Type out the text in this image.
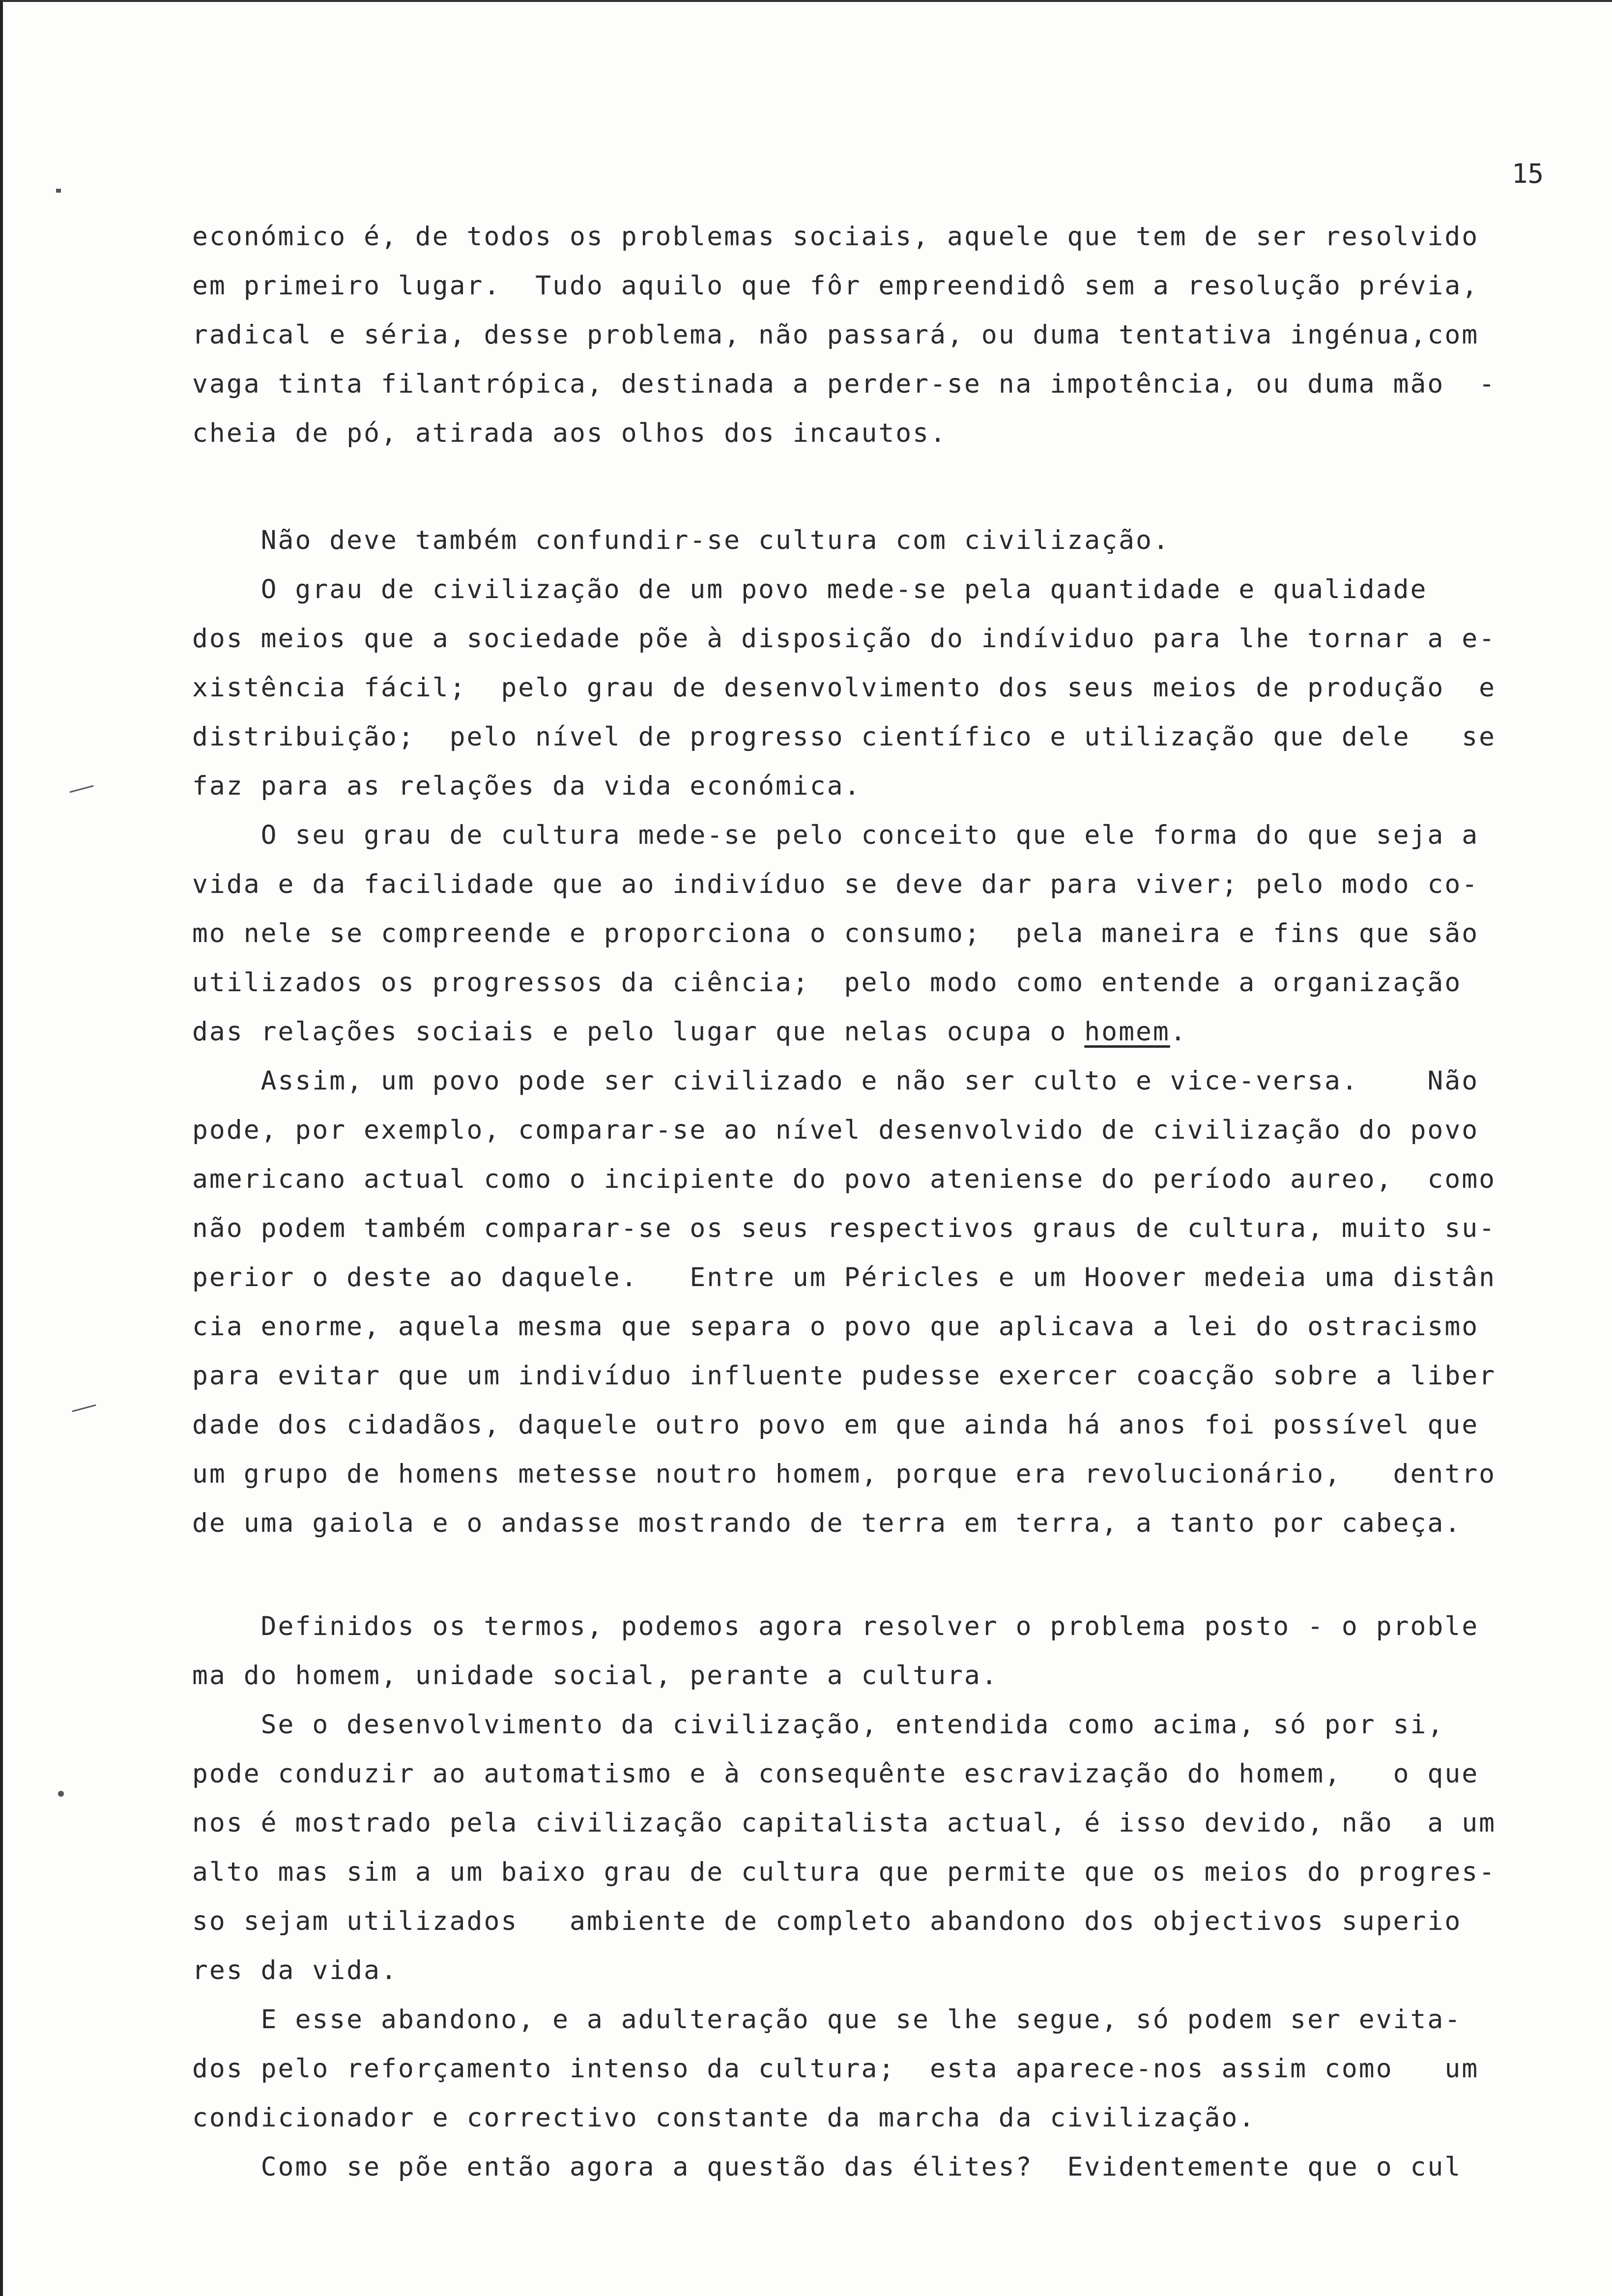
15
económico é, de todos os problemas sociais, aquele que tem de ser resolvido
em primeiro lugar.  Tudo aquilo que fôr empreendidô sem a resolução prévia,
radical e séria, desse problema, não passará, ou duma tentativa ingénua,com
vaga tinta filantrópica, destinada a perder-se na impotência, ou duma mão  -
cheia de pó, atirada aos olhos dos incautos.
Não deve também confundir-se cultura com civilização.
O grau de civilização de um povo mede-se pela quantidade e qualidade
dos meios que a sociedade põe à disposição do indíviduo para lhe tornar a e-
xistência fácil;  pelo grau de desenvolvimento dos seus meios de produção  e
distribuição;  pelo nível de progresso científico e utilização que dele   se
faz para as relações da vida económica.
O seu grau de cultura mede-se pelo conceito que ele forma do que seja a
vida e da facilidade que ao indivíduo se deve dar para viver; pelo modo co-
mo nele se compreende e proporciona o consumo;  pela maneira e fins que são
utilizados os progressos da ciência;  pelo modo como entende a organização
das relações sociais e pelo lugar que nelas ocupa o homem.
Assim, um povo pode ser civilizado e não ser culto e vice-versa.    Não
pode, por exemplo, comparar-se ao nível desenvolvido de civilização do povo
americano actual como o incipiente do povo ateniense do período aureo,  como
não podem também comparar-se os seus respectivos graus de cultura, muito su-
perior o deste ao daquele.   Entre um Péricles e um Hoover medeia uma distân
cia enorme, aquela mesma que separa o povo que aplicava a lei do ostracismo
para evitar que um indivíduo influente pudesse exercer coacção sobre a liber
dade dos cidadãos, daquele outro povo em que ainda há anos foi possível que
um grupo de homens metesse noutro homem, porque era revolucionário,   dentro
de uma gaiola e o andasse mostrando de terra em terra, a tanto por cabeça.
Definidos os termos, podemos agora resolver o problema posto - o proble
ma do homem, unidade social, perante a cultura.
Se o desenvolvimento da civilização, entendida como acima, só por si,
pode conduzir ao automatismo e à consequênte escravização do homem,   o que
nos é mostrado pela civilização capitalista actual, é isso devido, não  a um
alto mas sim a um baixo grau de cultura que permite que os meios do progres-
so sejam utilizados   ambiente de completo abandono dos objectivos superio
res da vida.
E esse abandono, e a adulteração que se lhe segue, só podem ser evita-
dos pelo reforçamento intenso da cultura;  esta aparece-nos assim como   um
condicionador e correctivo constante da marcha da civilização.
Como se põe então agora a questão das élites?  Evidentemente que o cul
